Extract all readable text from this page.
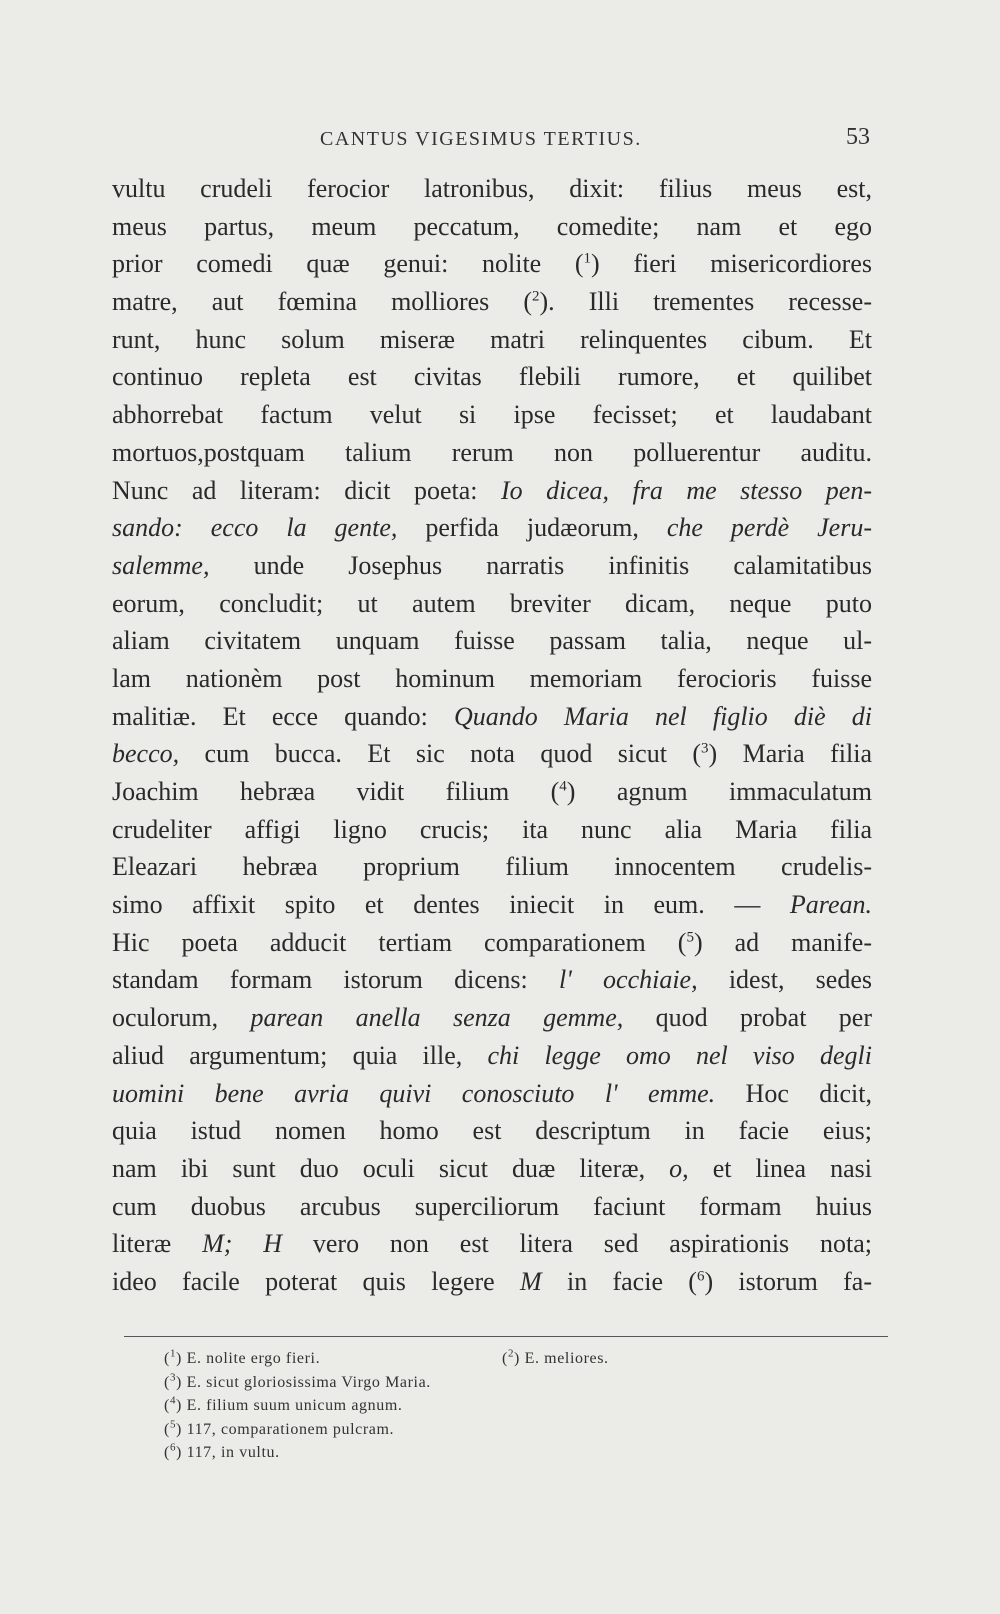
CANTUS VIGESIMUS TERTIUS.	53
vultu crudeli ferocior latronibus, dixit: filius meus est,
meus partus, meum peccatum, comedite; nam et ego
prior comedi quæ genui: nolite ($^1$) fieri misericordiores
matre, aut fœmina molliores ($^2$). Illi trementes recesse-
runt, hunc solum miseræ matri relinquentes cibum. Et
continuo repleta est civitas flebili rumore, et quilibet
abhorrebat factum velut si ipse fecisset; et laudabant
mortuos,postquam talium rerum non polluerentur auditu.
Nunc ad literam: dicit poeta: Io dicea, fra me stesso pen-
sando: ecco la gente, perfida judæorum, che perdè Jeru-
salemme, unde Josephus narratis infinitis calamitatibus
eorum, concludit; ut autem breviter dicam, neque puto
aliam civitatem unquam fuisse passam talia, neque ul-
lam nationèm post hominum memoriam ferocioris fuisse
malitiæ. Et ecce quando: Quando Maria nel figlio diè di
becco, cum bucca. Et sic nota quod sicut ($^3$) Maria filia
Joachim hebræa vidit filium ($^4$) agnum immaculatum
crudeliter affigi ligno crucis; ita nunc alia Maria filia
Eleazari hebræa proprium filium innocentem crudelis-
simo affixit spito et dentes iniecit in eum. — Parean.
Hic poeta adducit tertiam comparationem ($^5$) ad manife-
standam formam istorum dicens: l' occhiaie, idest, sedes
oculorum, parean anella senza gemme, quod probat per
aliud argumentum; quia ille, chi legge omo nel viso degli
uomini bene avria quivi conosciuto l' emme. Hoc dicit,
quia istud nomen homo est descriptum in facie eius;
nam ibi sunt duo oculi sicut duæ literæ, o, et linea nasi
cum duobus arcubus superciliorum faciunt formam huius
literæ M; H vero non est litera sed aspirationis nota;
ideo facile poterat quis legere M in facie ($^6$) istorum fa-
($^1$) E. nolite ergo fieri.	($^2$) E. meliores.
($^3$) E. sicut gloriosissima Virgo Maria.
($^4$) E. filium suum unicum agnum.
($^5$) 117, comparationem pulcram.
($^6$) 117, in vultu.
